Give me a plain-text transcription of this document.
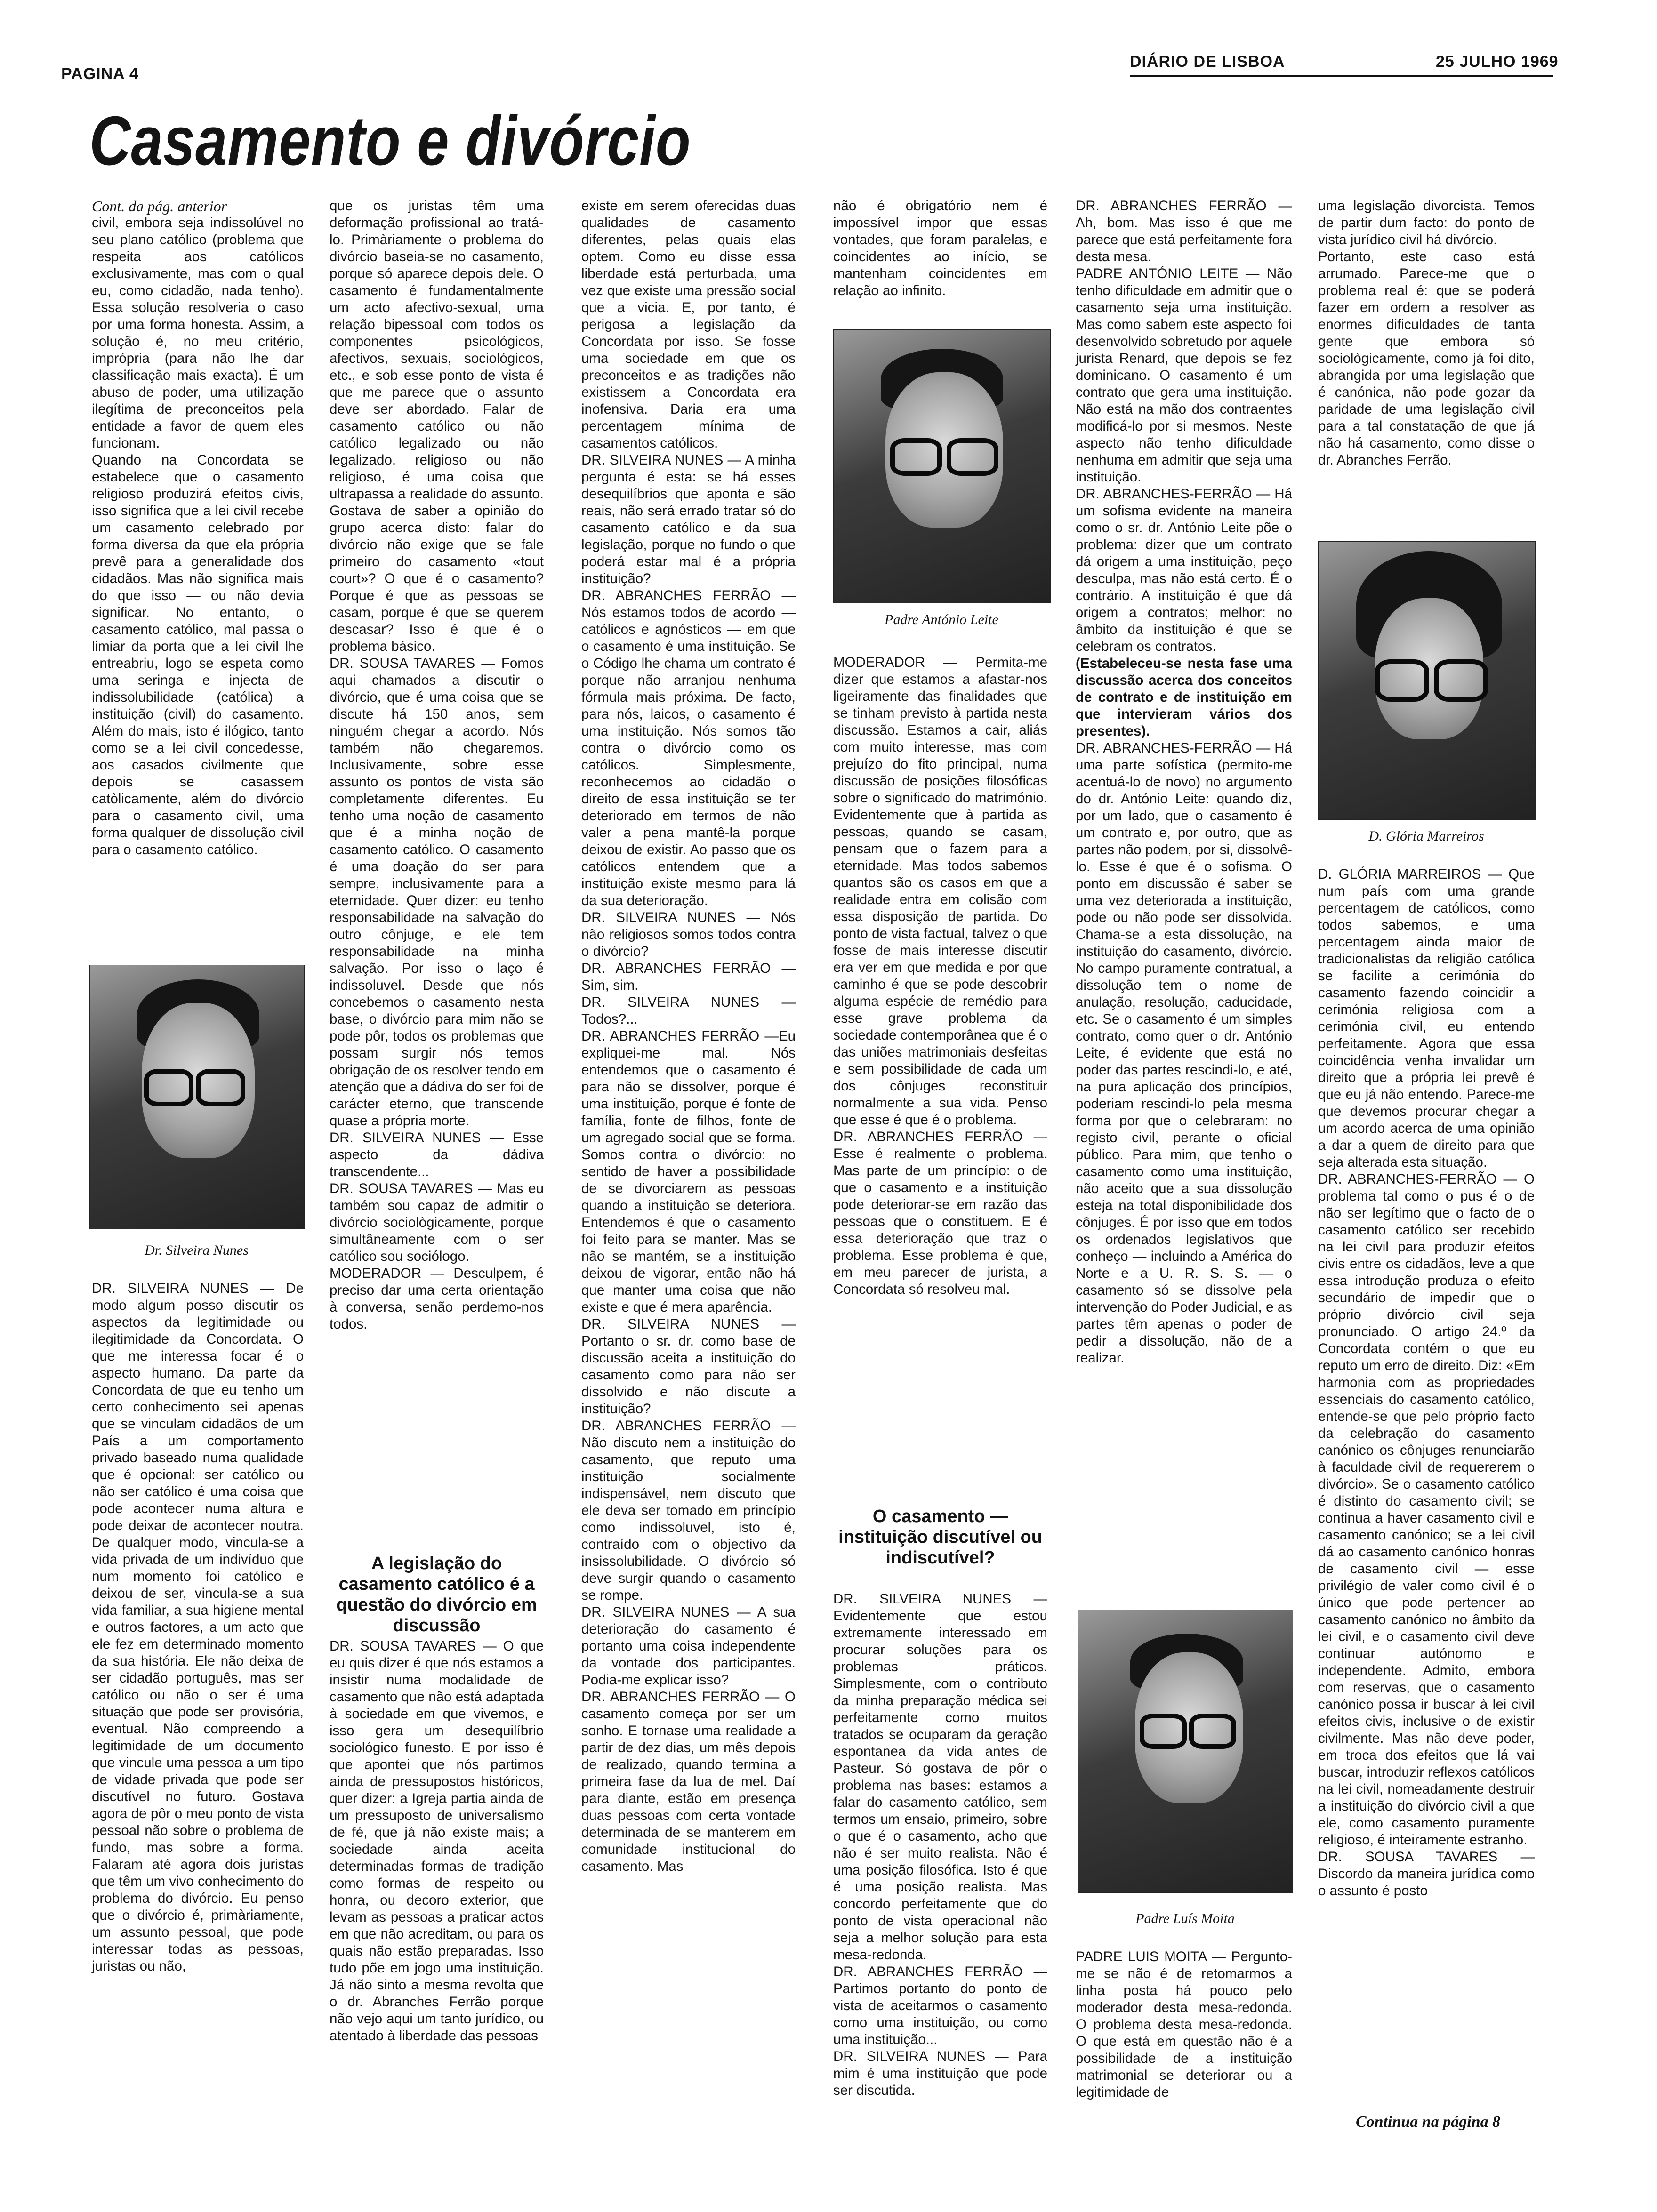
PAGINA 4
DIÁRIO DE LISBOA	25 JULHO 1969
Casamento e divórcio

Cont. da pág. anterior

civil, embora seja indissolúvel no seu plano católico (problema que respeita aos católicos exclusivamente, mas com o qual eu, como cidadão, nada tenho). Essa solução resolveria o caso por uma forma honesta. Assim, a solução é, no meu critério, imprópria (para não lhe dar classificação mais exacta). É um abuso de poder, uma utilização ilegítima de preconceitos pela entidade a favor de quem eles funcionam.

Quando na Concordata se estabelece que o casamento religioso produzirá efeitos civis, isso significa que a lei civil recebe um casamento celebrado por forma diversa da que ela própria prevê para a generalidade dos cidadãos. Mas não significa mais do que isso — ou não devia significar. No entanto, o casamento católico, mal passa o limiar da porta que a lei civil lhe entreabriu, logo se espeta como uma seringa e injecta de indissolubilidade (católica) a instituição (civil) do casamento. Além do mais, isto é ilógico, tanto como se a lei civil concedesse, aos casados civilmente que depois se casassem catòlicamente, além do divórcio para o casamento civil, uma forma qualquer de dissolução civil para o casamento católico.

Dr. Silveira Nunes

DR. SILVEIRA NUNES — De modo algum posso discutir os aspectos da legitimidade ou ilegitimidade da Concordata. O que me interessa focar é o aspecto humano. Da parte da Concordata de que eu tenho um certo conhecimento sei apenas que se vinculam cidadãos de um País a um comportamento privado baseado numa qualidade que é opcional: ser católico ou não ser católico é uma coisa que pode acontecer numa altura e pode deixar de acontecer noutra. De qualquer modo, vincula-se a vida privada de um indivíduo que num momento foi católico e deixou de ser, vincula-se a sua vida familiar, a sua higiene mental e outros factores, a um acto que ele fez em determinado momento da sua história. Ele não deixa de ser cidadão português, mas ser católico ou não o ser é uma situação que pode ser provisória, eventual. Não compreendo a legitimidade de um documento que vincule uma pessoa a um tipo de vidade privada que pode ser discutível no futuro. Gostava agora de pôr o meu ponto de vista pessoal não sobre o problema de fundo, mas sobre a forma. Falaram até agora dois juristas que têm um vivo conhecimento do problema do divórcio. Eu penso que o divórcio é, primàriamente, um assunto pessoal, que pode interessar todas as pessoas, juristas ou não,

que os juristas têm uma deformação profissional ao tratá-lo. Primàriamente o problema do divórcio baseia-se no casamento, porque só aparece depois dele. O casamento é fundamentalmente um acto afectivo-sexual, uma relação bipessoal com todos os componentes psicológicos, afectivos, sexuais, sociológicos, etc., e sob esse ponto de vista é que me parece que o assunto deve ser abordado. Falar de casamento católico ou não católico legalizado ou não legalizado, religioso ou não religioso, é uma coisa que ultrapassa a realidade do assunto. Gostava de saber a opinião do grupo acerca disto: falar do divórcio não exige que se fale primeiro do casamento «tout court»? O que é o casamento? Porque é que as pessoas se casam, porque é que se querem descasar? Isso é que é o problema básico.

DR. SOUSA TAVARES — Fomos aqui chamados a discutir o divórcio, que é uma coisa que se discute há 150 anos, sem ninguém chegar a acordo. Nós também não chegaremos. Inclusivamente, sobre esse assunto os pontos de vista são completamente diferentes. Eu tenho uma noção de casamento que é a minha noção de casamento católico. O casamento é uma doação do ser para sempre, inclusivamente para a eternidade. Quer dizer: eu tenho responsabilidade na salvação do outro cônjuge, e ele tem responsabilidade na minha salvação. Por isso o laço é indissoluvel. Desde que nós concebemos o casamento nesta base, o divórcio para mim não se pode pôr, todos os problemas que possam surgir nós temos obrigação de os resolver tendo em atenção que a dádiva do ser foi de carácter eterno, que transcende quase a própria morte.

DR. SILVEIRA NUNES — Esse aspecto da dádiva transcendente...

DR. SOUSA TAVARES — Mas eu também sou capaz de admitir o divórcio sociològicamente, porque simultâneamente com o ser católico sou sociólogo.

MODERADOR — Desculpem, é preciso dar uma certa orientação à conversa, senão perdemo-nos todos.

A legislação do casamento católico é a questão do divórcio em discussão

DR. SOUSA TAVARES — O que eu quis dizer é que nós estamos a insistir numa modalidade de casamento que não está adaptada à sociedade em que vivemos, e isso gera um desequilíbrio sociológico funesto. E por isso é que apontei que nós partimos ainda de pressupostos históricos, quer dizer: a Igreja partia ainda de um pressuposto de universalismo de fé, que já não existe mais; a sociedade ainda aceita determinadas formas de tradição como formas de respeito ou honra, ou decoro exterior, que levam as pessoas a praticar actos em que não acreditam, ou para os quais não estão preparadas. Isso tudo põe em jogo uma instituição. Já não sinto a mesma revolta que o dr. Abranches Ferrão porque não vejo aqui um tanto jurídico, ou atentado à liberdade das pessoas

existe em serem oferecidas duas qualidades de casamento diferentes, pelas quais elas optem. Como eu disse essa liberdade está perturbada, uma vez que existe uma pressão social que a vicia. E, por tanto, é perigosa a legislação da Concordata por isso. Se fosse uma sociedade em que os preconceitos e as tradições não existissem a Concordata era inofensiva. Daria era uma percentagem mínima de casamentos católicos.

DR. SILVEIRA NUNES — A minha pergunta é esta: se há esses desequilíbrios que aponta e são reais, não será errado tratar só do casamento católico e da sua legislação, porque no fundo o que poderá estar mal é a própria instituição?

DR. ABRANCHES FERRÃO — Nós estamos todos de acordo — católicos e agnósticos — em que o casamento é uma instituição. Se o Código lhe chama um contrato é porque não arranjou nenhuma fórmula mais próxima. De facto, para nós, laicos, o casamento é uma instituição. Nós somos tão contra o divórcio como os católicos. Simplesmente, reconhecemos ao cidadão o direito de essa instituição se ter deteriorado em termos de não valer a pena mantê-la porque deixou de existir. Ao passo que os católicos entendem que a instituição existe mesmo para lá da sua deterioração.

DR. SILVEIRA NUNES — Nós não religiosos somos todos contra o divórcio?

DR. ABRANCHES FERRÃO — Sim, sim.

DR. SILVEIRA NUNES — Todos?...

DR. ABRANCHES FERRÃO —Eu expliquei-me mal. Nós entendemos que o casamento é para não se dissolver, porque é uma instituição, porque é fonte de família, fonte de filhos, fonte de um agregado social que se forma. Somos contra o divórcio: no sentido de haver a possibilidade de se divorciarem as pessoas quando a instituição se deteriora. Entendemos é que o casamento foi feito para se manter. Mas se não se mantém, se a instituição deixou de vigorar, então não há que manter uma coisa que não existe e que é mera aparência.

DR. SILVEIRA NUNES — Portanto o sr. dr. como base de discussão aceita a instituição do casamento como para não ser dissolvido e não discute a instituição?

DR. ABRANCHES FERRÃO — Não discuto nem a instituição do casamento, que reputo uma instituição socialmente indispensável, nem discuto que ele deva ser tomado em princípio como indissoluvel, isto é, contraído com o objectivo da insissolubilidade. O divórcio só deve surgir quando o casamento se rompe.

DR. SILVEIRA NUNES — A sua deterioração do casamento é portanto uma coisa independente da vontade dos participantes. Podia-me explicar isso?

DR. ABRANCHES FERRÃO — O casamento começa por ser um sonho. E tornase uma realidade a partir de dez dias, um mês depois de realizado, quando termina a primeira fase da lua de mel. Daí para diante, estão em presença duas pessoas com certa vontade determinada de se manterem em comunidade institucional do casamento. Mas

não é obrigatório nem é impossível impor que essas vontades, que foram paralelas, e coincidentes ao início, se mantenham coincidentes em relação ao infinito.

Padre António Leite

MODERADOR — Permita-me dizer que estamos a afastar-nos ligeiramente das finalidades que se tinham previsto à partida nesta discussão. Estamos a cair, aliás com muito interesse, mas com prejuízo do fito principal, numa discussão de posições filosóficas sobre o significado do matrimónio. Evidentemente que à partida as pessoas, quando se casam, pensam que o fazem para a eternidade. Mas todos sabemos quantos são os casos em que a realidade entra em colisão com essa disposição de partida. Do ponto de vista factual, talvez o que fosse de mais interesse discutir era ver em que medida e por que caminho é que se pode descobrir alguma espécie de remédio para esse grave problema da sociedade contemporânea que é o das uniões matrimoniais desfeitas e sem possibilidade de cada um dos cônjuges reconstituir normalmente a sua vida. Penso que esse é que é o problema.

DR. ABRANCHES FERRÃO — Esse é realmente o problema. Mas parte de um princípio: o de que o casamento e a instituição pode deteriorar-se em razão das pessoas que o constituem. E é essa deterioração que traz o problema. Esse problema é que, em meu parecer de jurista, a Concordata só resolveu mal.

O casamento — instituição discutível ou indiscutível?

DR. SILVEIRA NUNES — Evidentemente que estou extremamente interessado em procurar soluções para os problemas práticos. Simplesmente, com o contributo da minha preparação médica sei perfeitamente como muitos tratados se ocuparam da geração espontanea da vida antes de Pasteur. Só gostava de pôr o problema nas bases: estamos a falar do casamento católico, sem termos um ensaio, primeiro, sobre o que é o casamento, acho que não é ser muito realista. Não é uma posição filosófica. Isto é que é uma posição realista. Mas concordo perfeitamente que do ponto de vista operacional não seja a melhor solução para esta mesa-redonda.

DR. ABRANCHES FERRÃO — Partimos portanto do ponto de vista de aceitarmos o casamento como uma instituição, ou como uma instituição...

DR. SILVEIRA NUNES — Para mim é uma instituição que pode ser discutida.

DR. ABRANCHES FERRÃO — Ah, bom. Mas isso é que me parece que está perfeitamente fora desta mesa.

PADRE ANTÓNIO LEITE — Não tenho dificuldade em admitir que o casamento seja uma instituição. Mas como sabem este aspecto foi desenvolvido sobretudo por aquele jurista Renard, que depois se fez dominicano. O casamento é um contrato que gera uma instituição. Não está na mão dos contraentes modificá-lo por si mesmos. Neste aspecto não tenho dificuldade nenhuma em admitir que seja uma instituição.

DR. ABRANCHES-FERRÃO — Há um sofisma evidente na maneira como o sr. dr. António Leite põe o problema: dizer que um contrato dá origem a uma instituição, peço desculpa, mas não está certo. É o contrário. A instituição é que dá origem a contratos; melhor: no âmbito da instituição é que se celebram os contratos.

(Estabeleceu-se nesta fase uma discussão acerca dos conceitos de contrato e de instituição em que intervieram vários dos presentes).

DR. ABRANCHES-FERRÃO — Há uma parte sofística (permito-me acentuá-lo de novo) no argumento do dr. António Leite: quando diz, por um lado, que o casamento é um contrato e, por outro, que as partes não podem, por si, dissolvê-lo. Esse é que é o sofisma. O ponto em discussão é saber se uma vez deteriorada a instituição, pode ou não pode ser dissolvida. Chama-se a esta dissolução, na instituição do casamento, divórcio. No campo puramente contratual, a dissolução tem o nome de anulação, resolução, caducidade, etc. Se o casamento é um simples contrato, como quer o dr. António Leite, é evidente que está no poder das partes rescindi-lo, e até, na pura aplicação dos princípios, poderiam rescindi-lo pela mesma forma por que o celebraram: no registo civil, perante o oficial público. Para mim, que tenho o casamento como uma instituição, não aceito que a sua dissolução esteja na total disponibilidade dos cônjuges. É por isso que em todos os ordenados legislativos que conheço — incluindo a América do Norte e a U. R. S. S. — o casamento só se dissolve pela intervenção do Poder Judicial, e as partes têm apenas o poder de pedir a dissolução, não de a realizar.

Padre Luís Moita

PADRE LUIS MOITA — Pergunto-me se não é de retomarmos a linha posta há pouco pelo moderador desta mesa-redonda. O problema desta mesa-redonda. O que está em questão não é a possibilidade de a instituição matrimonial se deteriorar ou a legitimidade de

uma legislação divorcista. Temos de partir dum facto: do ponto de vista jurídico civil há divórcio.

Portanto, este caso está arrumado. Parece-me que o problema real é: que se poderá fazer em ordem a resolver as enormes dificuldades de tanta gente que embora só sociològicamente, como já foi dito, abrangida por uma legislação que é canónica, não pode gozar da paridade de uma legislação civil para a tal constatação de que já não há casamento, como disse o dr. Abranches Ferrão.

D. Glória Marreiros

D. GLÓRIA MARREIROS — Que num país com uma grande percentagem de católicos, como todos sabemos, e uma percentagem ainda maior de tradicionalistas da religião católica se facilite a cerimónia do casamento fazendo coincidir a cerimónia religiosa com a cerimónia civil, eu entendo perfeitamente. Agora que essa coincidência venha invalidar um direito que a própria lei prevê é que eu já não entendo. Parece-me que devemos procurar chegar a um acordo acerca de uma opinião a dar a quem de direito para que seja alterada esta situação.

DR. ABRANCHES-FERRÃO — O problema tal como o pus é o de não ser legítimo que o facto de o casamento católico ser recebido na lei civil para produzir efeitos civis entre os cidadãos, leve a que essa introdução produza o efeito secundário de impedir que o próprio divórcio civil seja pronunciado. O artigo 24.º da Concordata contém o que eu reputo um erro de direito. Diz: «Em harmonia com as propriedades essenciais do casamento católico, entende-se que pelo próprio facto da celebração do casamento canónico os cônjuges renunciarão à faculdade civil de requererem o divórcio». Se o casamento católico é distinto do casamento civil; se continua a haver casamento civil e casamento canónico; se a lei civil dá ao casamento canónico honras de casamento civil — esse privilégio de valer como civil é o único que pode pertencer ao casamento canónico no âmbito da lei civil, e o casamento civil deve continuar autónomo e independente. Admito, embora com reservas, que o casamento canónico possa ir buscar à lei civil efeitos civis, inclusive o de existir civilmente. Mas não deve poder, em troca dos efeitos que lá vai buscar, introduzir reflexos católicos na lei civil, nomeadamente destruir a instituição do divórcio civil a que ele, como casamento puramente religioso, é inteiramente estranho.

DR. SOUSA TAVARES — Discordo da maneira jurídica como o assunto é posto

Continua na página 8
